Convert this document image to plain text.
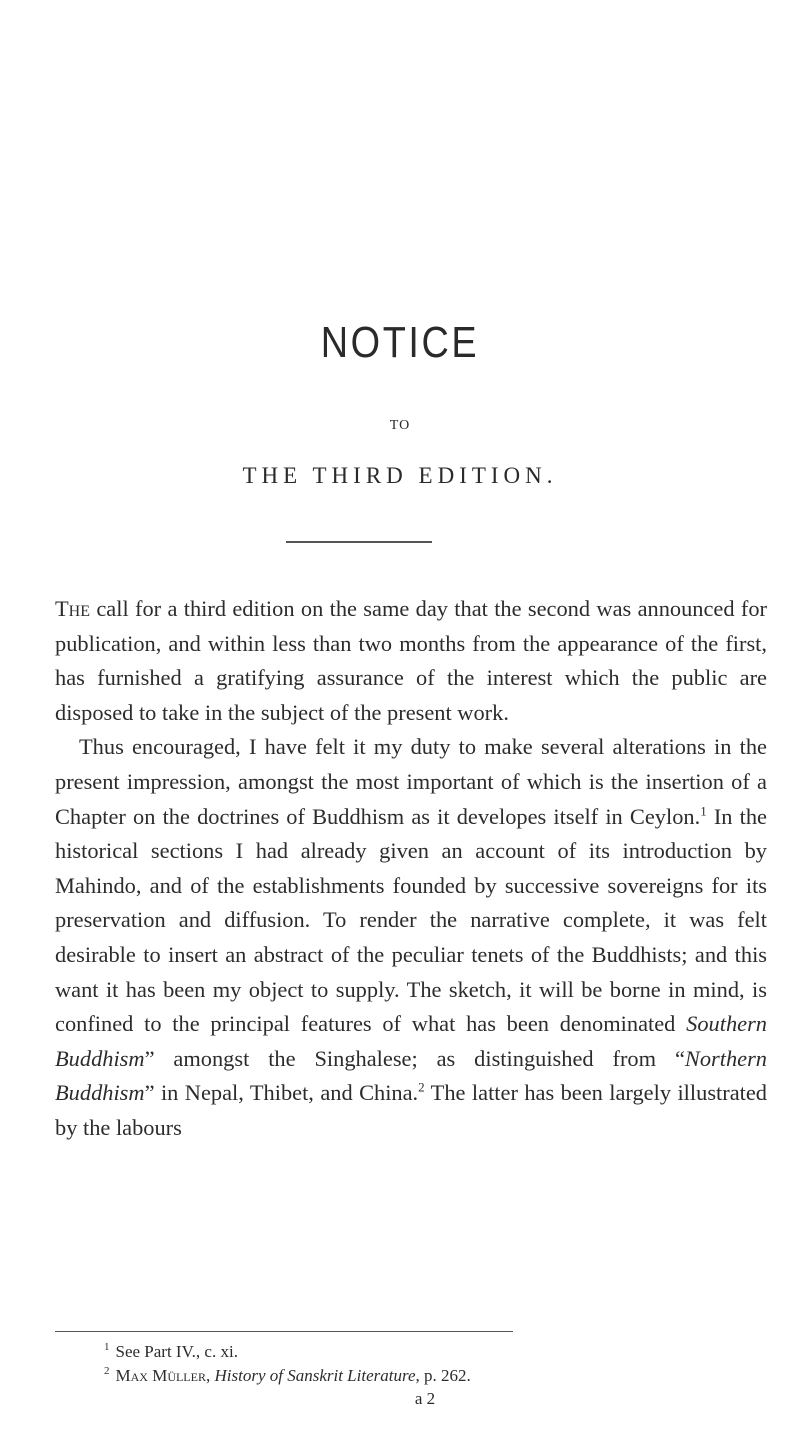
NOTICE
TO
THE THIRD EDITION.

The call for a third edition on the same day that the second was announced for publication, and within less than two months from the appearance of the first, has furnished a gratifying assurance of the interest which the public are disposed to take in the subject of the present work.

Thus encouraged, I have felt it my duty to make several alterations in the present impression, amongst the most important of which is the insertion of a Chapter on the doctrines of Buddhism as it developes itself in Ceylon.$^1$ In the historical sections I had already given an account of its introduction by Mahindo, and of the establishments founded by successive sovereigns for its preservation and diffusion. To render the narrative complete, it was felt desirable to insert an abstract of the peculiar tenets of the Buddhists; and this want it has been my object to supply. The sketch, it will be borne in mind, is confined to the principal features of what has been denominated Southern Buddhism” amongst the Singhalese; as distinguished from “Northern Buddhism” in Nepal, Thibet, and China.$^2$ The latter has been largely illustrated by the labours

$^1$ See Part IV., c. xi.
$^2$ Max Müller, History of Sanskrit Literature, p. 262.
a 2
